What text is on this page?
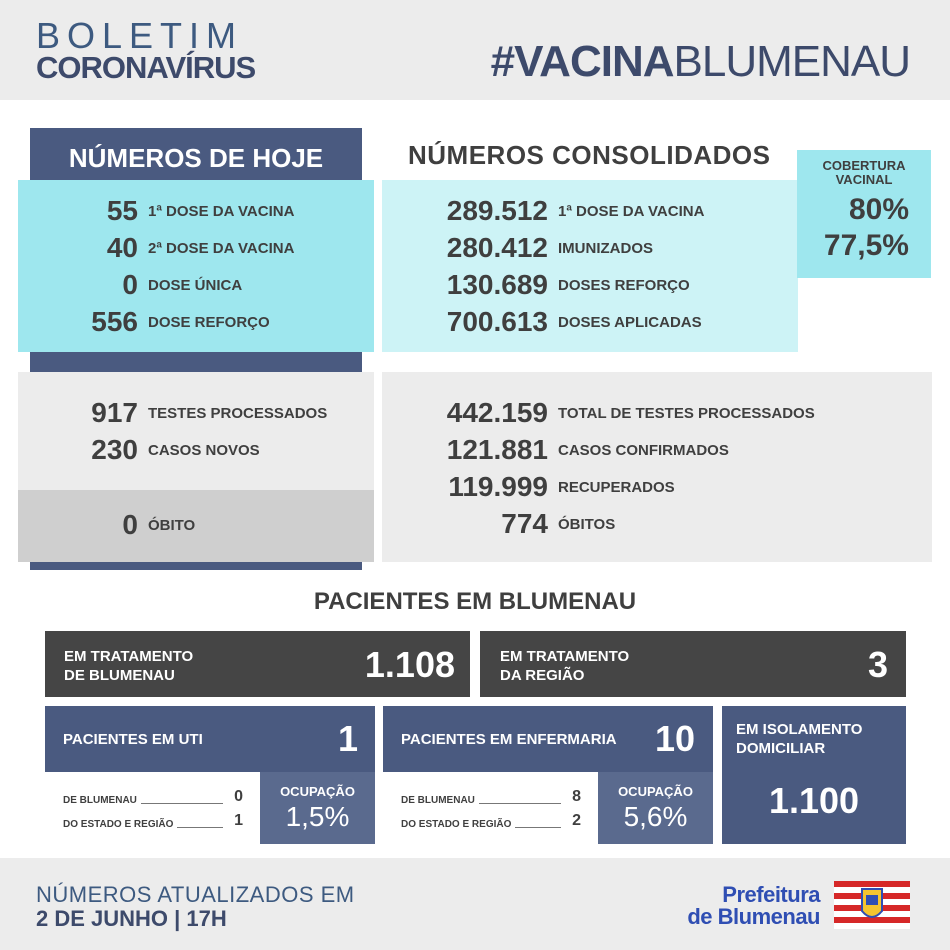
BOLETIM
CORONAVÍRUS	#VACINABLUMENAU
NÚMEROS DE HOJE
55 1ª DOSE DA VACINA
40 2ª DOSE DA VACINA
0 DOSE ÚNICA
556 DOSE REFORÇO
917 TESTES PROCESSADOS
230 CASOS NOVOS
0 ÓBITO
NÚMEROS CONSOLIDADOS	COBERTURA
VACINAL
80%
77,5%
289.512 1ª DOSE DA VACINA
280.412 IMUNIZADOS
130.689 DOSES REFORÇO
700.613 DOSES APLICADAS
442.159 TOTAL DE TESTES PROCESSADOS
121.881 CASOS CONFIRMADOS
119.999 RECUPERADOS
774 ÓBITOS
PACIENTES EM BLUMENAU
EM TRATAMENTO
DE BLUMENAU	1.108	EM TRATAMENTO
DA REGIÃO	3
PACIENTES EM UTI	1
DE BLUMENAU	0
DO ESTADO E REGIÃO	1
OCUPAÇÃO
1,5%
PACIENTES EM ENFERMARIA	10
DE BLUMENAU	8
DO ESTADO E REGIÃO	2
OCUPAÇÃO
5,6%
EM ISOLAMENTO
DOMICILIAR
1.100
NÚMEROS ATUALIZADOS EM
2 DE JUNHO | 17H
Prefeitura
de Blumenau
